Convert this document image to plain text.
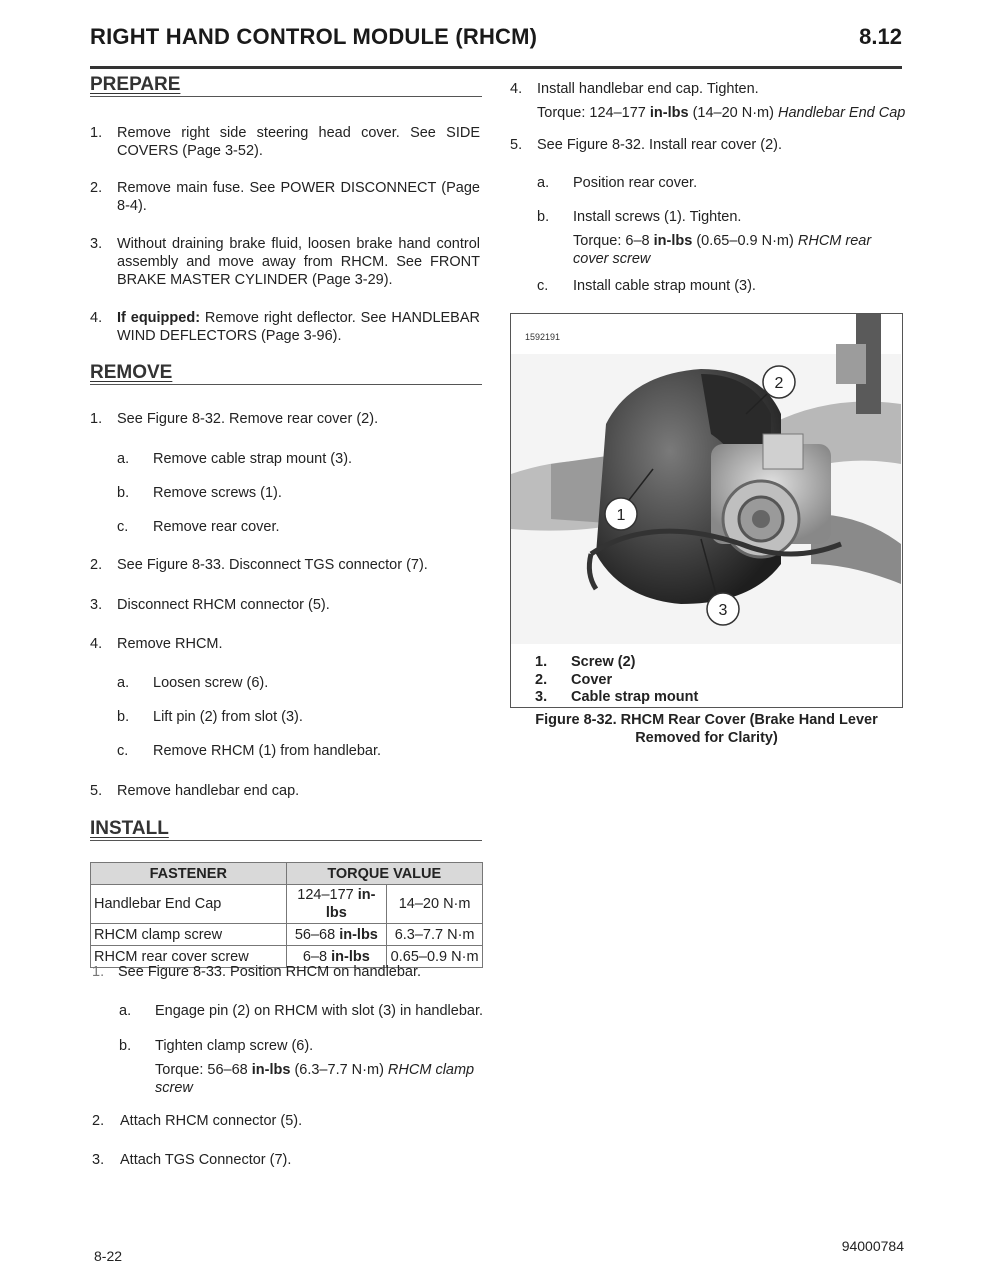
RIGHT HAND CONTROL MODULE (RHCM)	8.12
PREPARE
1.	Remove right side steering head cover. See SIDE COVERS (Page 3-52).
2.	Remove main fuse. See POWER DISCONNECT (Page 8-4).
3.	Without draining brake fluid, loosen brake hand control assembly and move away from RHCM. See FRONT BRAKE MASTER CYLINDER (Page 3-29).
4.	If equipped: Remove right deflector. See HANDLEBAR WIND DEFLECTORS (Page 3-96).
REMOVE
1.	See Figure 8-32. Remove rear cover (2).
a.	Remove cable strap mount (3).
b.	Remove screws (1).
c.	Remove rear cover.
2.	See Figure 8-33. Disconnect TGS connector (7).
3.	Disconnect RHCM connector (5).
4.	Remove RHCM.
a.	Loosen screw (6).
b.	Lift pin (2) from slot (3).
c.	Remove RHCM (1) from handlebar.
5.	Remove handlebar end cap.
INSTALL
FASTENER	TORQUE VALUE	
Handlebar End Cap	124–177 in-lbs	14–20 N·m
RHCM clamp screw	56–68 in-lbs	6.3–7.7 N·m
RHCM rear cover screw	6–8 in-lbs	0.65–0.9 N·m
1. See Figure 8-33. Position RHCM on handlebar.
a.	Engage pin (2) on RHCM with slot (3) in handlebar.
b.	Tighten clamp screw (6).
Torque: 56–68 in-lbs (6.3–7.7 N·m) RHCM clamp screw
2.	Attach RHCM connector (5).
3.	Attach TGS Connector (7).
4.	Install handlebar end cap. Tighten.
Torque: 124–177 in-lbs (14–20 N·m) Handlebar End Cap
5.	See Figure 8-32. Install rear cover (2).
a.	Position rear cover.
b.	Install screws (1). Tighten.
Torque: 6–8 in-lbs (0.65–0.9 N·m) RHCM rear cover screw
c.	Install cable strap mount (3).
1592191
1
2
3
1. Screw (2)
2. Cover
3. Cable strap mount
Figure 8-32. RHCM Rear Cover (Brake Hand Lever Removed for Clarity)
8-22
94000784
